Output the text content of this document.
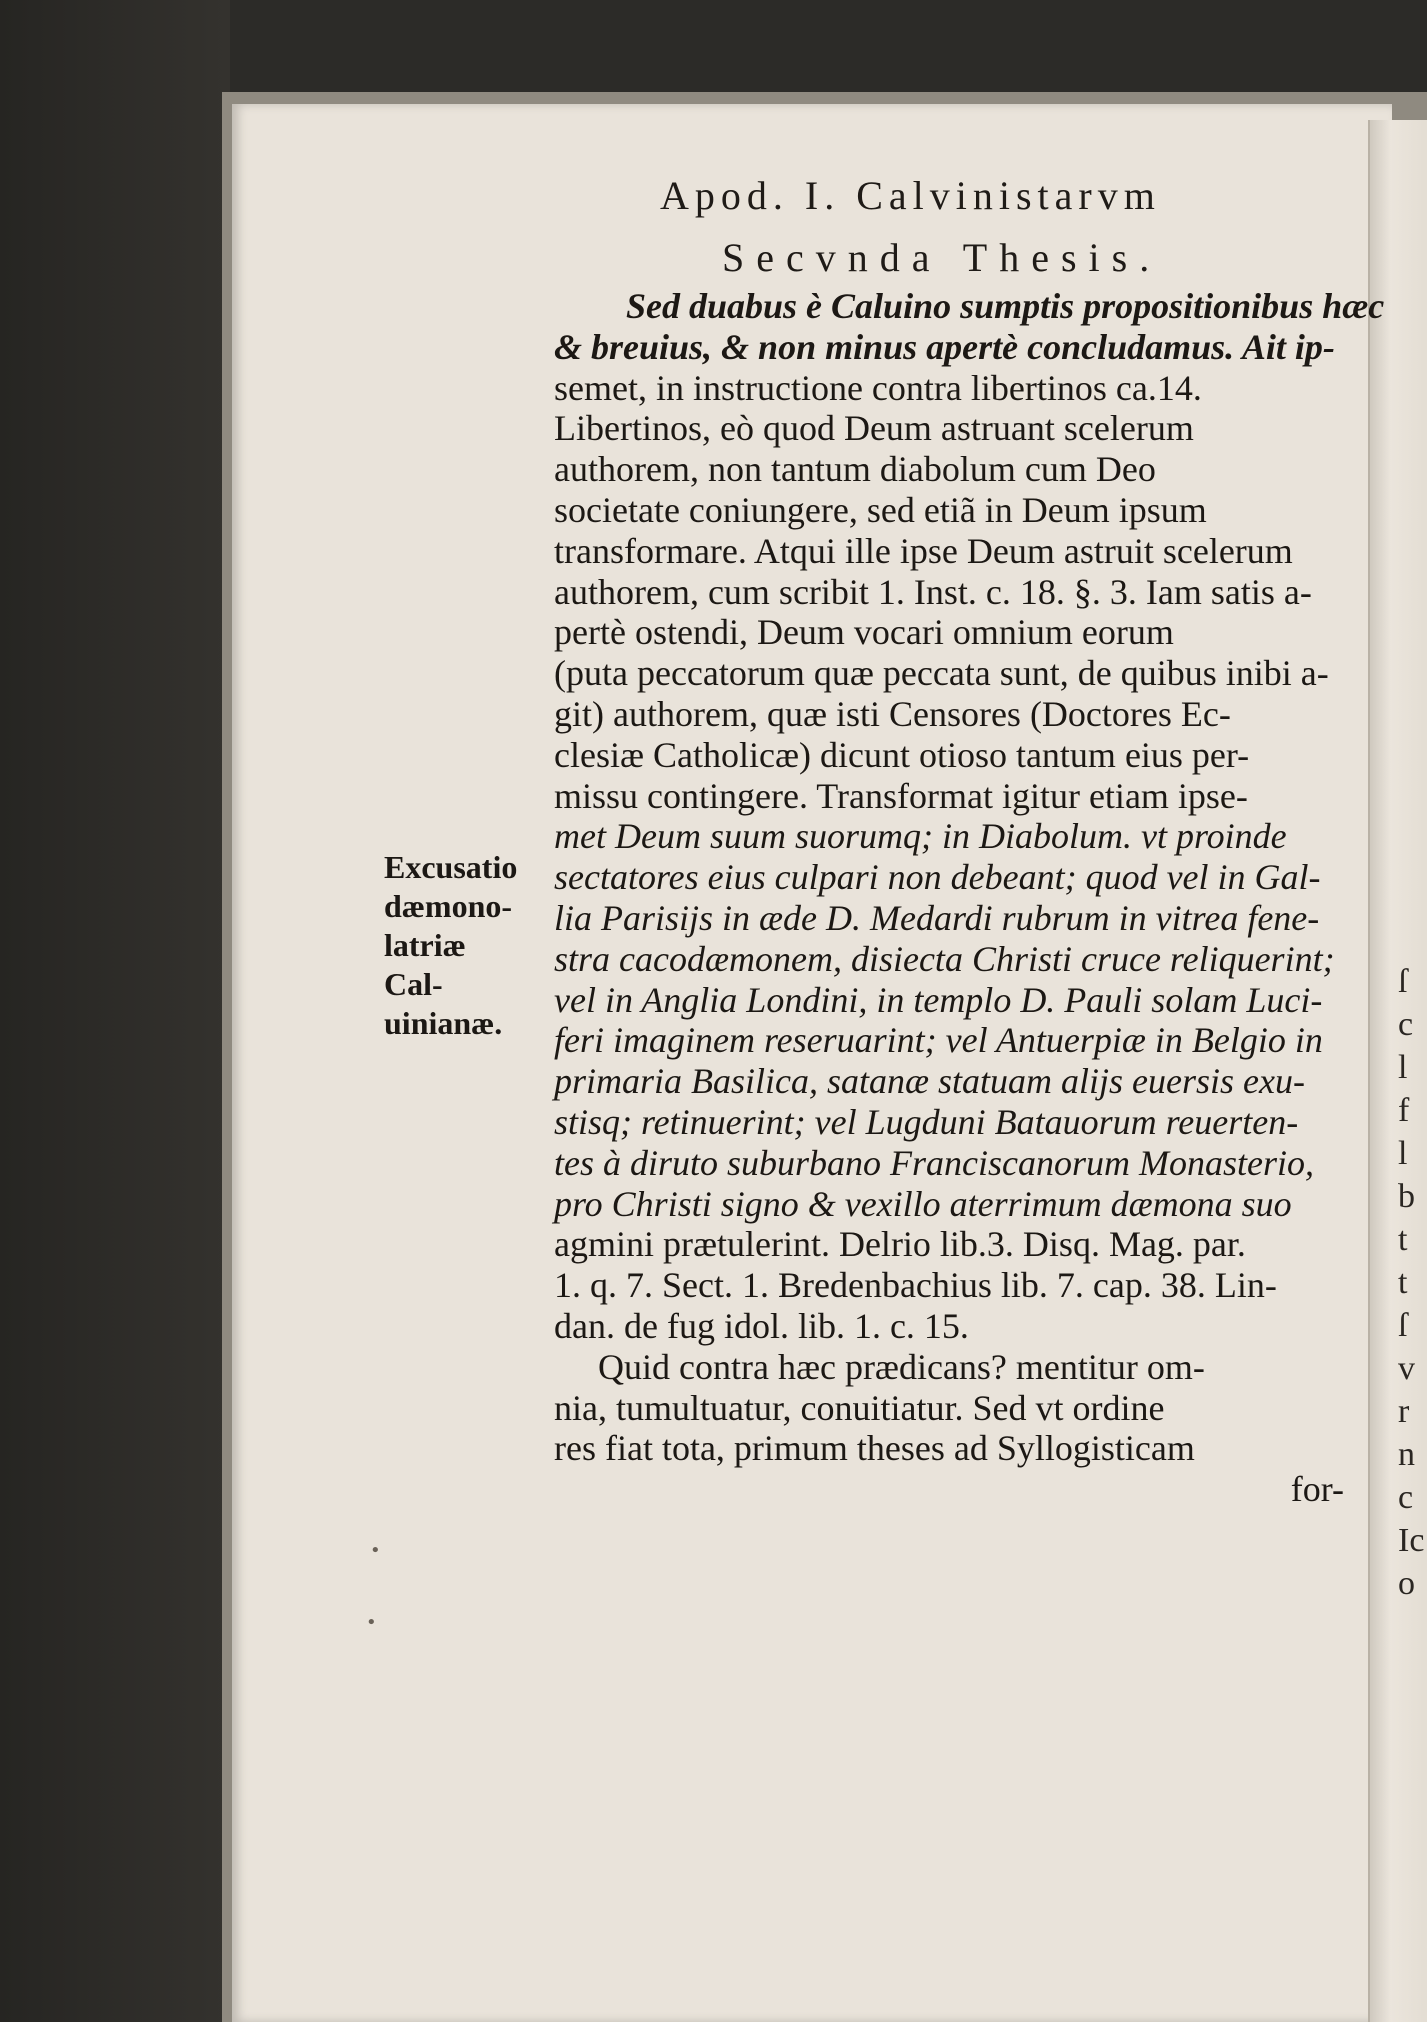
ſ
c
l
f
l
b
t
t
ſ
v
r
n
c
Ic
o
Apod. I. Calvinistarvm
Secvnda Thesis.
Excusatio
dæmono-
latriæ Cal-
uinianæ.
Sed duabus è Caluino sumptis propositionibus hæc
& breuius, & non minus apertè concludamus. Ait ip-
semet, in instructione contra libertinos ca.14.
Libertinos, eò quod Deum astruant scelerum
authorem, non tantum diabolum cum Deo
societate coniungere, sed etiã in Deum ipsum
transformare. Atqui ille ipse Deum astruit scelerum
authorem, cum scribit 1. Inst. c. 18. §. 3. Iam satis a-
pertè ostendi, Deum vocari omnium eorum
(puta peccatorum quæ peccata sunt, de quibus inibi a-
git) authorem, quæ isti Censores (Doctores Ec-
clesiæ Catholicæ) dicunt otioso tantum eius per-
missu contingere. Transformat igitur etiam ipse-
met Deum suum suorumq; in Diabolum. vt proinde
sectatores eius culpari non debeant; quod vel in Gal-
lia Parisijs in æde D. Medardi rubrum in vitrea fene-
stra cacodæmonem, disiecta Christi cruce reliquerint;
vel in Anglia Londini, in templo D. Pauli solam Luci-
feri imaginem reseruarint; vel Antuerpiæ in Belgio in
primaria Basilica, satanæ statuam alijs euersis exu-
stisq; retinuerint; vel Lugduni Batauorum reuerten-
tes à diruto suburbano Franciscanorum Monasterio,
pro Christi signo & vexillo aterrimum dæmona suo
agmini prætulerint. Delrio lib.3. Disq. Mag. par.
1. q. 7. Sect. 1. Bredenbachius lib. 7. cap. 38. Lin-
dan. de fug idol. lib. 1. c. 15.
Quid contra hæc prædicans? mentitur om-
nia, tumultuatur, conuitiatur. Sed vt ordine
res fiat tota, primum theses ad Syllogisticam
for-
•
•
